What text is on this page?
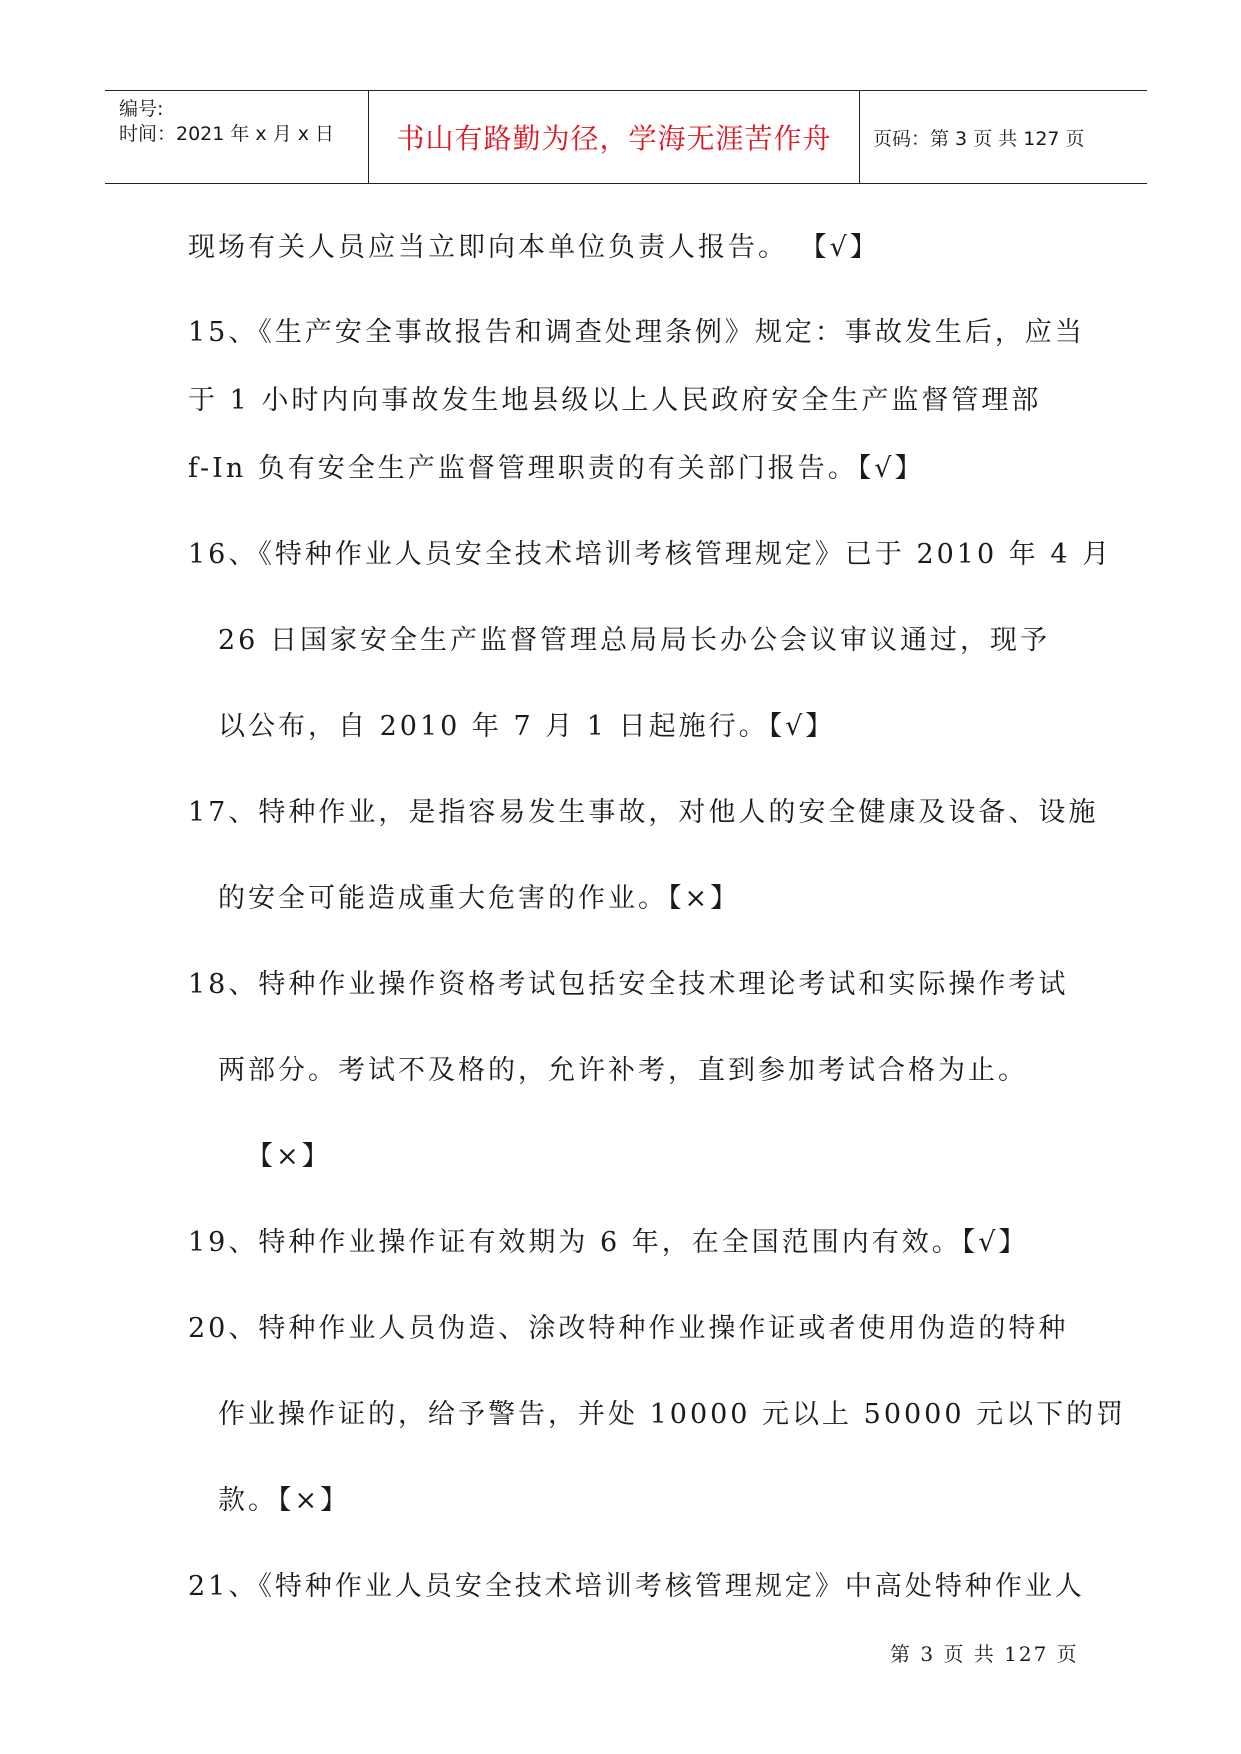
编号:
时间：2021 年 x 月 x 日 书山有路勤为径，学海无涯苦作舟 页码：第 3 页 共 127 页
现场有关人员应当立即向本单位负责人报告。 【√】
15、《生产安全事故报告和调查处理条例》规定：事故发生后，应当
于 1 小时内向事故发生地县级以上人民政府安全生产监督管理部
f-In 负有安全生产监督管理职责的有关部门报告。【√】
16、《特种作业人员安全技术培训考核管理规定》已于 2010 年 4 月
26 日国家安全生产监督管理总局局长办公会议审议通过，现予
以公布，自 2010 年 7 月 1 日起施行。【√】
17、特种作业，是指容易发生事故，对他人的安全健康及设备、设施
的安全可能造成重大危害的作业。【×】
18、特种作业操作资格考试包括安全技术理论考试和实际操作考试
两部分。考试不及格的，允许补考，直到参加考试合格为止。
【×】
19、特种作业操作证有效期为 6 年，在全国范围内有效。【√】
20、特种作业人员伪造、涂改特种作业操作证或者使用伪造的特种
作业操作证的，给予警告，并处 10000 元以上 50000 元以下的罚
款。【×】
21、《特种作业人员安全技术培训考核管理规定》中高处特种作业人
第 3 页 共 127 页
